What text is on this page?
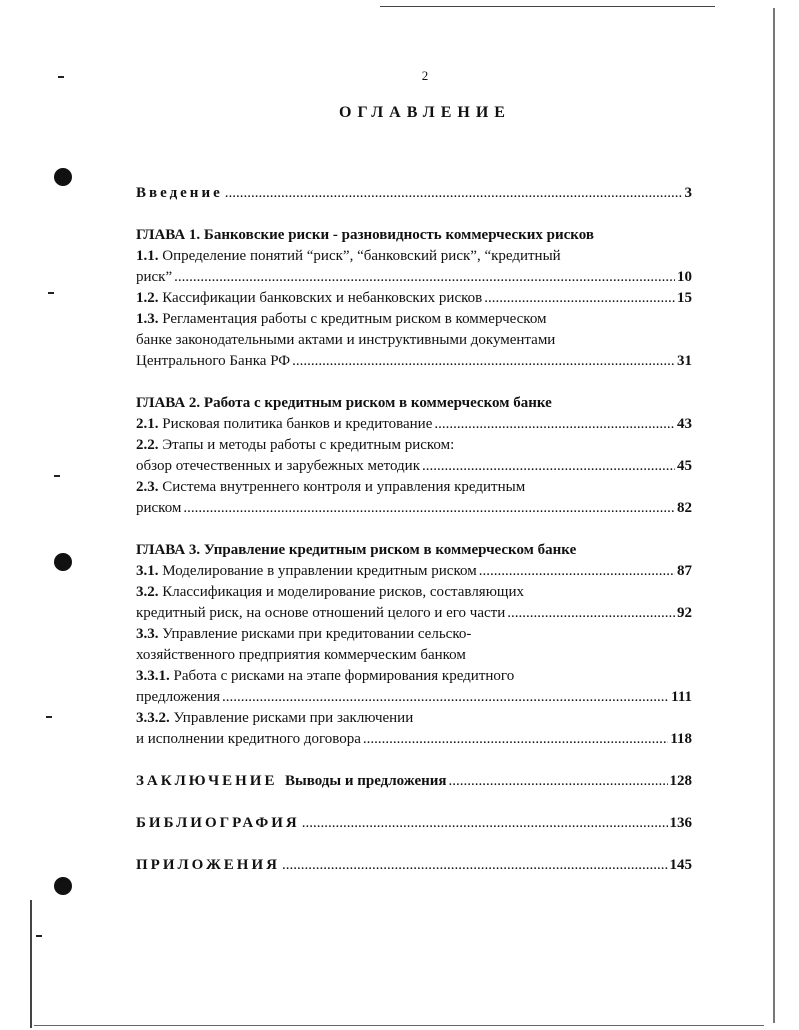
2
ОГЛАВЛЕНИЕ
Введение .....	3
ГЛАВА 1. Банковские риски - разновидность коммерческих рисков
1.1. Определение понятий “риск”, “банковский риск”, “кредитный
риск” .....	10
1.2. Кассификации банковских и небанковских рисков .....	15
1.3. Регламентация работы с кредитным риском в коммерческом
банке законодательными актами и инструктивными документами
Центрального Банка РФ .....	31
ГЛАВА 2. Работа с кредитным риском в коммерческом банке
2.1. Рисковая политика банков и кредитование .....	43
2.2. Этапы и методы работы с кредитным риском:
обзор отечественных и зарубежных методик .....	45
2.3. Система внутреннего контроля и управления кредитным
риском .....	82
ГЛАВА 3. Управление кредитным риском в коммерческом банке
3.1. Моделирование в управлении кредитным риском .....	87
3.2. Классификация и моделирование рисков, составляющих
кредитный риск, на основе отношений целого и его части .....	92
3.3. Управление рисками при кредитовании сельско-
хозяйственного предприятия коммерческим банком
3.3.1. Работа с рисками на этапе формирования кредитного
предложения .....	111
3.3.2. Управление рисками при заключении
и исполнении кредитного договора .....	118
ЗАКЛЮЧЕНИЕ Выводы и предложения .....	128
БИБЛИОГРАФИЯ .....	136
ПРИЛОЖЕНИЯ .....	145
